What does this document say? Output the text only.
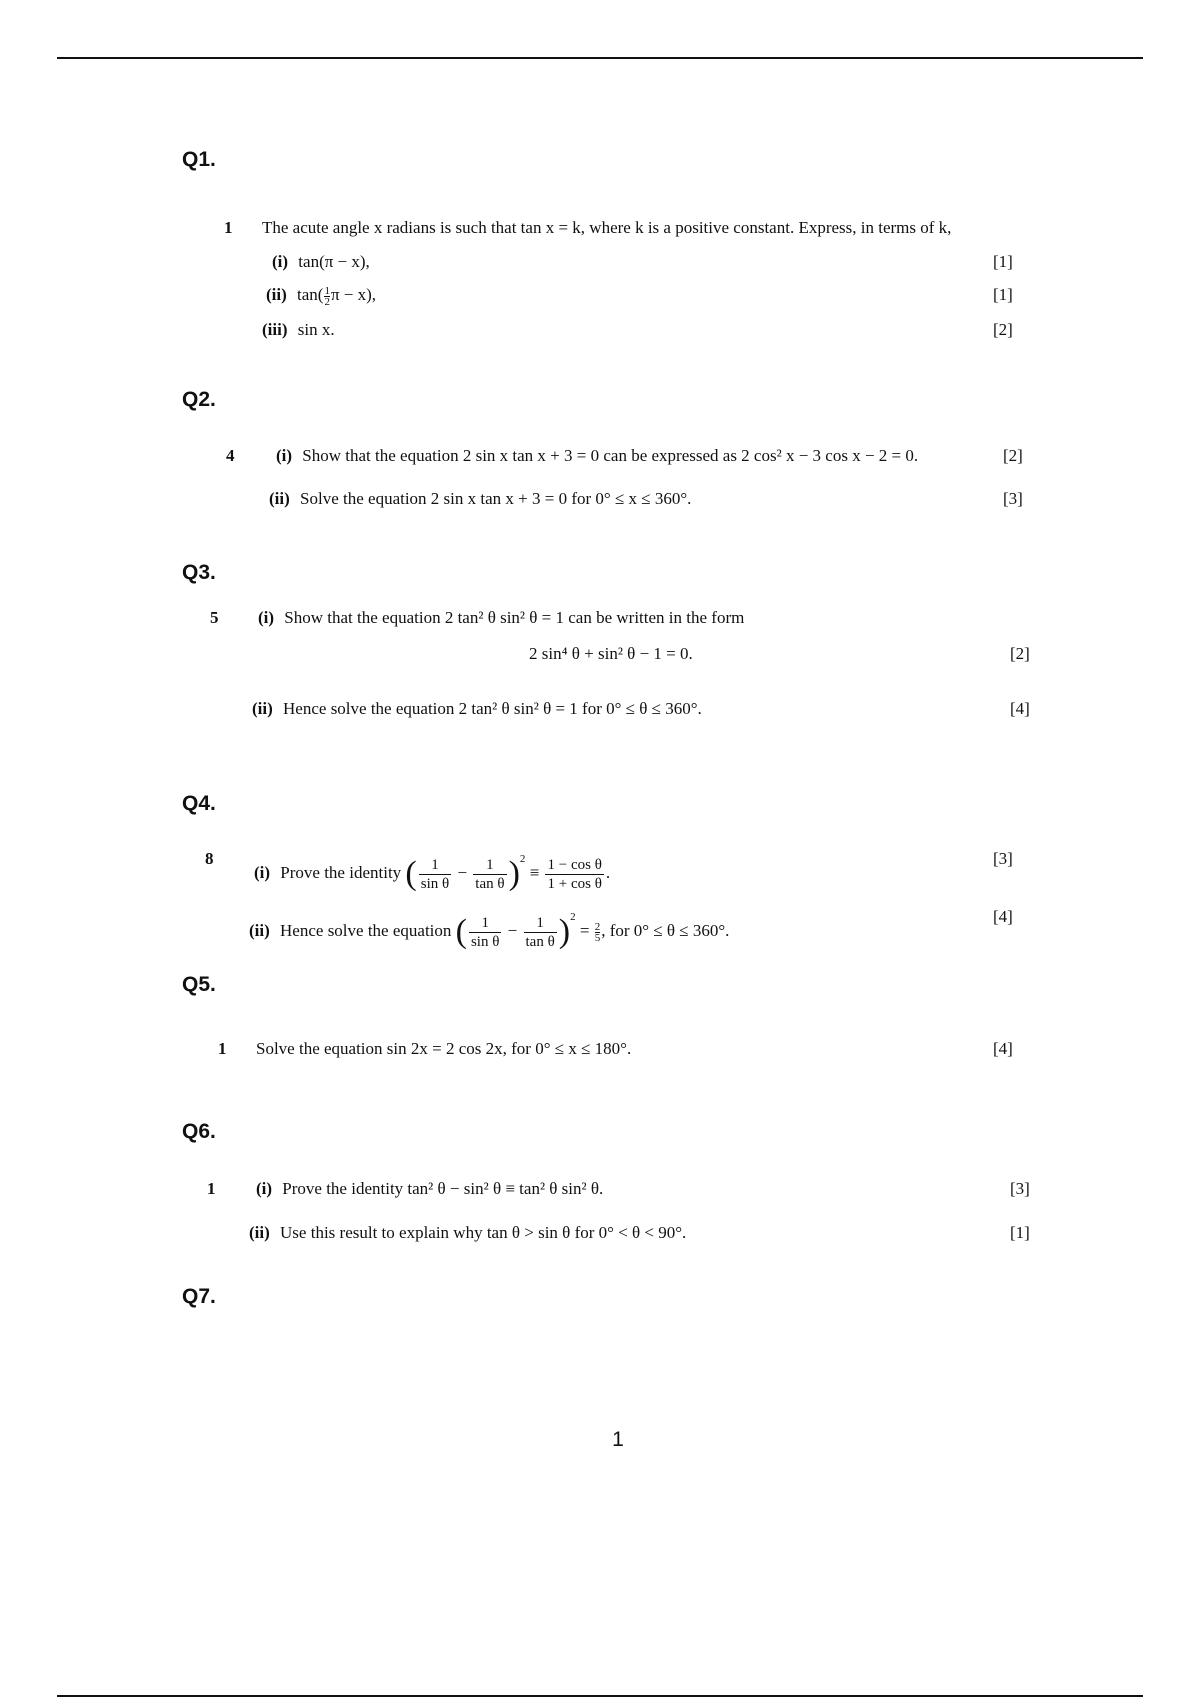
Q1.
1 The acute angle x radians is such that tan x = k, where k is a positive constant. Express, in terms of k,
(i) tan(π − x),	[1]
(ii) $\tan( \frac{1}{2}$ π − x),	[1]
(iii) sin x.	[2]
Q2.
4 (i) Show that the equation 2 sin x tan x + 3 = 0 can be expressed as 2 cos² x − 3 cos x − 2 = 0.	[2]
(ii) Solve the equation 2 sin x tan x + 3 = 0 for 0° ≤ x ≤ 360°.	[3]
Q3.
5 (i) Show that the equation 2 tan² θ sin² θ = 1 can be written in the form
2 sin⁴ θ + sin² θ − 1 = 0.	[2]
(ii) Hence solve the equation 2 tan² θ sin² θ = 1 for 0° ≤ θ ≤ 360°.	[4]
Q4.
8
(i) Prove the identity ( $\frac{1}{\text{sin θ}} - \frac{1}{\text{tan θ}} )^2 \equiv \frac{\text{1 − cos θ}}{\text{1 + cos θ}}$ .
[3]
(ii) Hence solve the equation ( $\frac{1}{\text{sin θ}} - \frac{1}{\text{tan θ}} )^2 = \frac{2}{5}$ , for 0° ≤ θ ≤ 360°.
[4]
Q5.
1 Solve the equation sin 2x = 2 cos 2x, for 0° ≤ x ≤ 180°.	[4]
Q6.
1 (i) Prove the identity tan² θ − sin² θ ≡ tan² θ sin² θ.	[3]
(ii) Use this result to explain why tan θ > sin θ for 0° < θ < 90°.	[1]
Q7.
1
